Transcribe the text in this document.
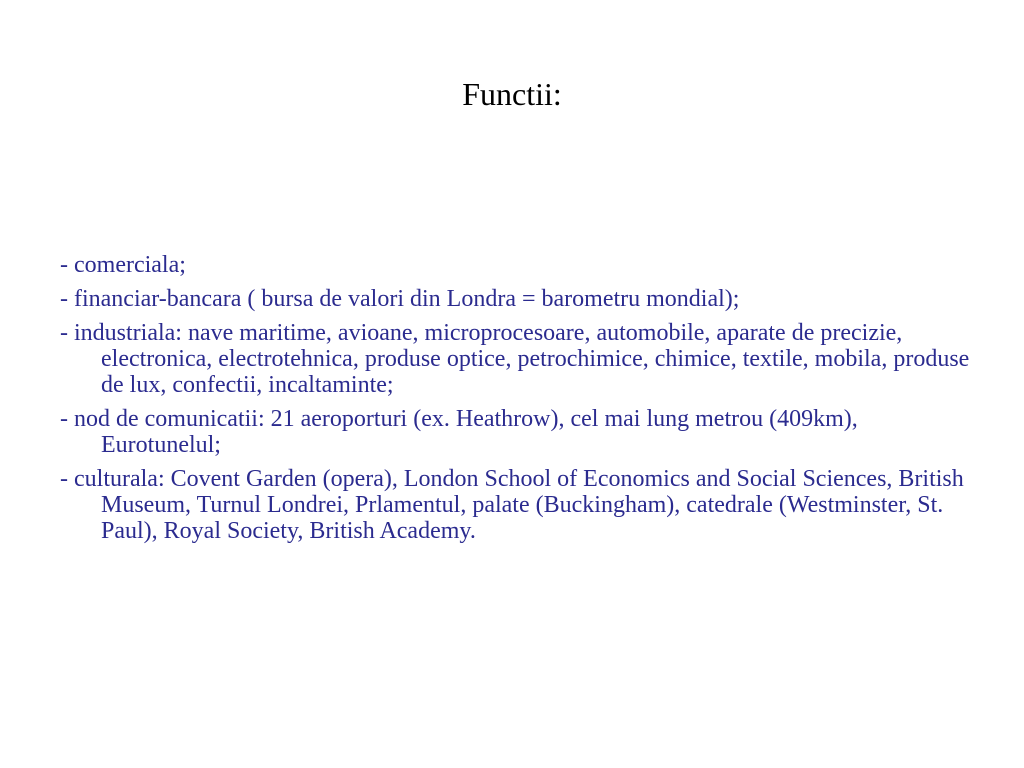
Functii:
- comerciala;
- financiar-bancara ( bursa de valori din Londra = barometru mondial);
- industriala: nave maritime, avioane, microprocesoare, automobile, aparate de precizie, electronica, electrotehnica, produse optice, petrochimice, chimice, textile, mobila, produse de lux, confectii, incaltaminte;
- nod de comunicatii: 21 aeroporturi (ex. Heathrow), cel mai lung metrou (409km), Eurotunelul;
- culturala: Covent Garden (opera), London School of Economics and Social Sciences, British Museum, Turnul Londrei, Prlamentul, palate (Buckingham), catedrale (Westminster, St. Paul), Royal Society, British Academy.
